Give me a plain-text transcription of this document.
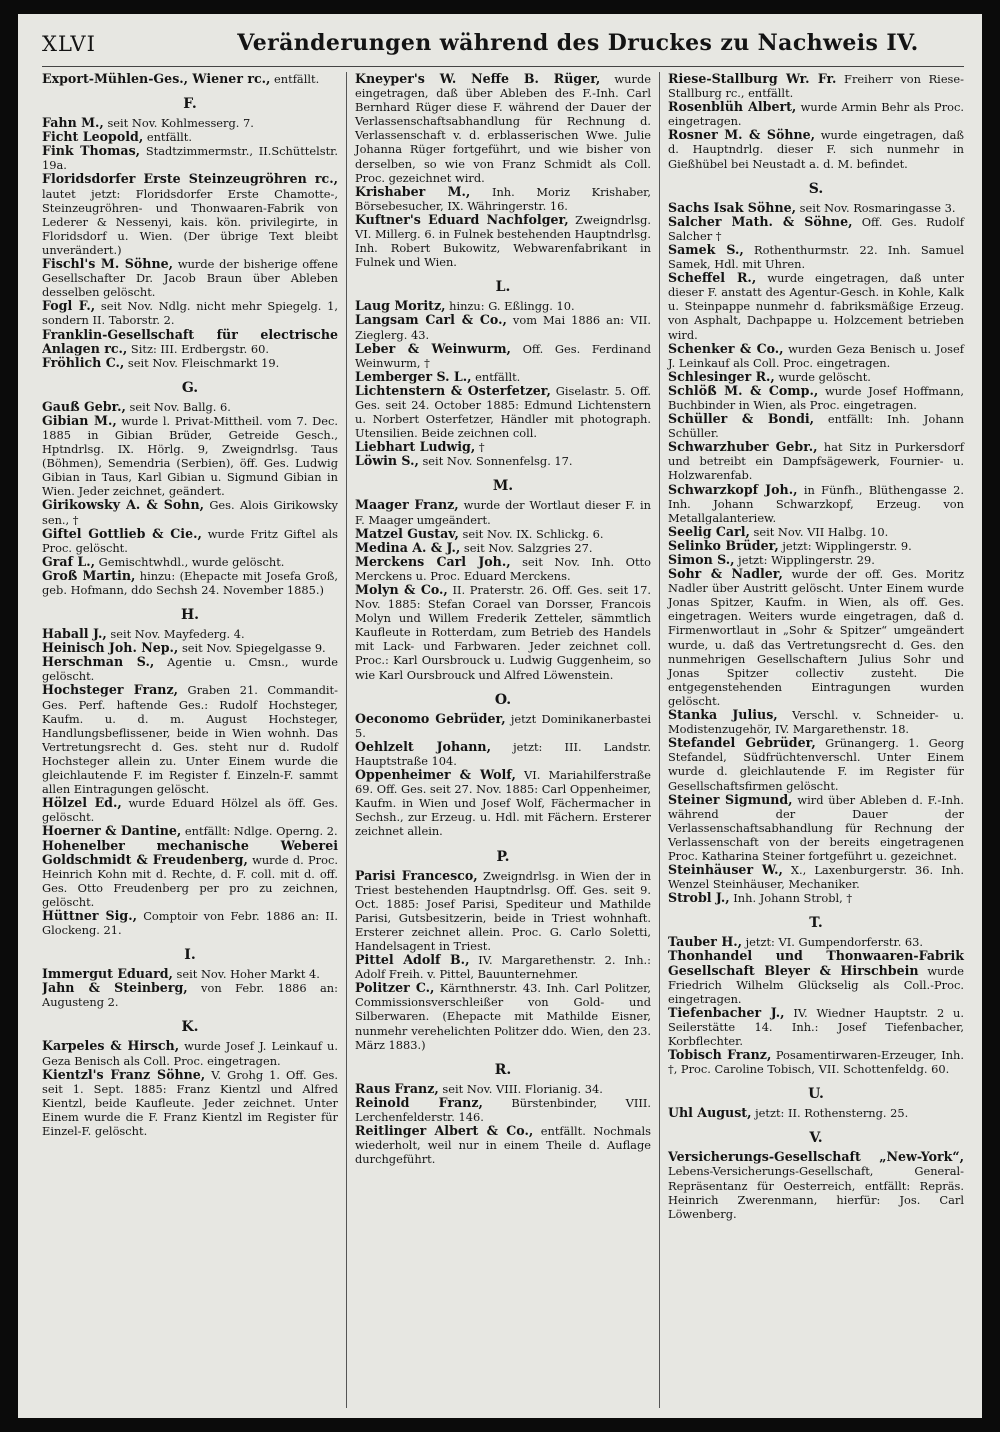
XLVI	Veränderungen während des Druckes zu Nachweis IV.

Export-Mühlen-Ges., Wiener rc., entfällt.

F.

Fahn M., seit Nov. Kohlmesserg. 7.

Ficht Leopold, entfällt.

Fink Thomas, Stadtzimmermstr., II.Schüttelstr. 19a.

Floridsdorfer Erste Steinzeugröhren rc., lautet jetzt: Floridsdorfer Erste Chamotte-, Steinzeugröhren- und Thonwaaren-Fabrik von Lederer & Nessenyi, kais. kön. privilegirte, in Floridsdorf u. Wien. (Der übrige Text bleibt unverändert.)

Fischl's M. Söhne, wurde der bisherige offene Gesellschafter Dr. Jacob Braun über Ableben desselben gelöscht.

Fogl F., seit Nov. Ndlg. nicht mehr Spiegelg. 1, sondern II. Taborstr. 2.

Franklin-Gesellschaft für electrische Anlagen rc., Sitz: III. Erdbergstr. 60.

Fröhlich C., seit Nov. Fleischmarkt 19.

G.

Gauß Gebr., seit Nov. Ballg. 6.

Gibian M., wurde l. Privat-Mittheil. vom 7. Dec. 1885 in Gibian Brüder, Getreide Gesch., Hptndrlsg. IX. Hörlg. 9, Zweigndrlsg. Taus (Böhmen), Semendria (Serbien), öff. Ges. Ludwig Gibian in Taus, Karl Gibian u. Sigmund Gibian in Wien. Jeder zeichnet, geändert.

Girikowsky A. & Sohn, Ges. Alois Girikowsky sen., †

Giftel Gottlieb & Cie., wurde Fritz Giftel als Proc. gelöscht.

Graf L., Gemischtwhdl., wurde gelöscht.

Groß Martin, hinzu: (Ehepacte mit Josefa Groß, geb. Hofmann, ddo Sechsh 24. November 1885.)

H.

Haball J., seit Nov. Mayfederg. 4.

Heinisch Joh. Nep., seit Nov. Spiegelgasse 9.

Herschman S., Agentie u. Cmsn., wurde gelöscht.

Hochsteger Franz, Graben 21. Commandit-Ges. Perf. haftende Ges.: Rudolf Hochsteger, Kaufm. u. d. m. August Hochsteger, Handlungsbeflissener, beide in Wien wohnh. Das Vertretungsrecht d. Ges. steht nur d. Rudolf Hochsteger allein zu. Unter Einem wurde die gleichlautende F. im Register f. Einzeln-F. sammt allen Eintragungen gelöscht.

Hölzel Ed., wurde Eduard Hölzel als öff. Ges. gelöscht.

Hoerner & Dantine, entfällt: Ndlge. Operng. 2.

Hohenelber mechanische Weberei Goldschmidt & Freudenberg, wurde d. Proc. Heinrich Kohn mit d. Rechte, d. F. coll. mit d. off. Ges. Otto Freudenberg per pro zu zeichnen, gelöscht.

Hüttner Sig., Comptoir von Febr. 1886 an: II. Glockeng. 21.

I.

Immergut Eduard, seit Nov. Hoher Markt 4.

Jahn & Steinberg, von Febr. 1886 an: Augusteng 2.

K.

Karpeles & Hirsch, wurde Josef J. Leinkauf u. Geza Benisch als Coll. Proc. eingetragen.

Kientzl's Franz Söhne, V. Grohg 1. Off. Ges. seit 1. Sept. 1885: Franz Kientzl und Alfred Kientzl, beide Kaufleute. Jeder zeichnet. Unter Einem wurde die F. Franz Kientzl im Register für Einzel-F. gelöscht.

Kneyper's W. Neffe B. Rüger, wurde eingetragen, daß über Ableben des F.-Inh. Carl Bernhard Rüger diese F. während der Dauer der Verlassenschaftsabhandlung für Rechnung d. Verlassenschaft v. d. erblasserischen Wwe. Julie Johanna Rüger fortgeführt, und wie bisher von derselben, so wie von Franz Schmidt als Coll. Proc. gezeichnet wird.

Krishaber M., Inh. Moriz Krishaber, Börsebesucher, IX. Währingerstr. 16.

Kuftner's Eduard Nachfolger, Zweigndrlsg. VI. Millerg. 6. in Fulnek bestehenden Hauptndrlsg. Inh. Robert Bukowitz, Webwarenfabrikant in Fulnek und Wien.

L.

Laug Moritz, hinzu: G. Eßlingg. 10.

Langsam Carl & Co., vom Mai 1886 an: VII. Zieglerg. 43.

Leber & Weinwurm, Off. Ges. Ferdinand Weinwurm, †

Lemberger S. L., entfällt.

Lichtenstern & Osterfetzer, Giselastr. 5. Off. Ges. seit 24. October 1885: Edmund Lichtenstern u. Norbert Osterfetzer, Händler mit photograph. Utensilien. Beide zeichnen coll.

Liebhart Ludwig, †

Löwin S., seit Nov. Sonnenfelsg. 17.

M.

Maager Franz, wurde der Wortlaut dieser F. in F. Maager umgeändert.

Matzel Gustav, seit Nov. IX. Schlickg. 6.

Medina A. & J., seit Nov. Salzgries 27.

Merckens Carl Joh., seit Nov. Inh. Otto Merckens u. Proc. Eduard Merckens.

Molyn & Co., II. Praterstr. 26. Off. Ges. seit 17. Nov. 1885: Stefan Corael van Dorsser, Francois Molyn und Willem Frederik Zetteler, sämmtlich Kaufleute in Rotterdam, zum Betrieb des Handels mit Lack- und Farbwaren. Jeder zeichnet coll. Proc.: Karl Oursbrouck u. Ludwig Guggenheim, so wie Karl Oursbrouck und Alfred Löwenstein.

O.

Oeconomo Gebrüder, jetzt Dominikanerbastei 5.

Oehlzelt Johann, jetzt: III. Landstr. Hauptstraße 104.

Oppenheimer & Wolf, VI. Mariahilferstraße 69. Off. Ges. seit 27. Nov. 1885: Carl Oppenheimer, Kaufm. in Wien und Josef Wolf, Fächermacher in Sechsh., zur Erzeug. u. Hdl. mit Fächern. Ersterer zeichnet allein.

P.

Parisi Francesco, Zweigndrlsg. in Wien der in Triest bestehenden Hauptndrlsg. Off. Ges. seit 9. Oct. 1885: Josef Parisi, Spediteur und Mathilde Parisi, Gutsbesitzerin, beide in Triest wohnhaft. Ersterer zeichnet allein. Proc. G. Carlo Soletti, Handelsagent in Triest.

Pittel Adolf B., IV. Margarethenstr. 2. Inh.: Adolf Freih. v. Pittel, Bauunternehmer.

Politzer C., Kärnthnerstr. 43. Inh. Carl Politzer, Commissionsverschleißer von Gold- und Silberwaren. (Ehepacte mit Mathilde Eisner, nunmehr verehelichten Politzer ddo. Wien, den 23. März 1883.)

R.

Raus Franz, seit Nov. VIII. Florianig. 34.

Reinold Franz, Bürstenbinder, VIII. Lerchenfelderstr. 146.

Reitlinger Albert & Co., entfällt. Nochmals wiederholt, weil nur in einem Theile d. Auflage durchgeführt.

Riese-Stallburg Wr. Fr. Freiherr von Riese-Stallburg rc., entfällt.

Rosenblüh Albert, wurde Armin Behr als Proc. eingetragen.

Rosner M. & Söhne, wurde eingetragen, daß d. Hauptndrlg. dieser F. sich nunmehr in Gießhübel bei Neustadt a. d. M. befindet.

S.

Sachs Isak Söhne, seit Nov. Rosmaringasse 3.

Salcher Math. & Söhne, Off. Ges. Rudolf Salcher †

Samek S., Rothenthurmstr. 22. Inh. Samuel Samek, Hdl. mit Uhren.

Scheffel R., wurde eingetragen, daß unter dieser F. anstatt des Agentur-Gesch. in Kohle, Kalk u. Steinpappe nunmehr d. fabriksmäßige Erzeug. von Asphalt, Dachpappe u. Holzcement betrieben wird.

Schenker & Co., wurden Geza Benisch u. Josef J. Leinkauf als Coll. Proc. eingetragen.

Schlesinger R., wurde gelöscht.

Schlöß M. & Comp., wurde Josef Hoffmann, Buchbinder in Wien, als Proc. eingetragen.

Schüller & Bondi, entfällt: Inh. Johann Schüller.

Schwarzhuber Gebr., hat Sitz in Purkersdorf und betreibt ein Dampfsägewerk, Fournier- u. Holzwarenfab.

Schwarzkopf Joh., in Fünfh., Blüthengasse 2. Inh. Johann Schwarzkopf, Erzeug. von Metallgalanteriew.

Seelig Carl, seit Nov. VII Halbg. 10.

Selinko Brüder, jetzt: Wipplingerstr. 9.

Simon S., jetzt: Wipplingerstr. 29.

Sohr & Nadler, wurde der off. Ges. Moritz Nadler über Austritt gelöscht. Unter Einem wurde Jonas Spitzer, Kaufm. in Wien, als off. Ges. eingetragen. Weiters wurde eingetragen, daß d. Firmenwortlaut in „Sohr & Spitzer“ umgeändert wurde, u. daß das Vertretungsrecht d. Ges. den nunmehrigen Gesellschaftern Julius Sohr und Jonas Spitzer collectiv zusteht. Die entgegenstehenden Eintragungen wurden gelöscht.

Stanka Julius, Verschl. v. Schneider- u. Modistenzugehör, IV. Margarethenstr. 18.

Stefandel Gebrüder, Grünangerg. 1. Georg Stefandel, Südfrüchtenverschl. Unter Einem wurde d. gleichlautende F. im Register für Gesellschaftsfirmen gelöscht.

Steiner Sigmund, wird über Ableben d. F.-Inh. während der Dauer der Verlassenschaftsabhandlung für Rechnung der Verlassenschaft von der bereits eingetragenen Proc. Katharina Steiner fortgeführt u. gezeichnet.

Steinhäuser W., X., Laxenburgerstr. 36. Inh. Wenzel Steinhäuser, Mechaniker.

Strobl J., Inh. Johann Strobl, †

T.

Tauber H., jetzt: VI. Gumpendorferstr. 63.

Thonhandel und Thonwaaren-Fabrik Gesellschaft Bleyer & Hirschbein wurde Friedrich Wilhelm Glückselig als Coll.-Proc. eingetragen.

Tiefenbacher J., IV. Wiedner Hauptstr. 2 u. Seilerstätte 14. Inh.: Josef Tiefenbacher, Korbflechter.

Tobisch Franz, Posamentirwaren-Erzeuger, Inh. †, Proc. Caroline Tobisch, VII. Schottenfeldg. 60.

U.

Uhl August, jetzt: II. Rothensterng. 25.

V.

Versicherungs-Gesellschaft „New-York“, Lebens-Versicherungs-Gesellschaft, General-Repräsentanz für Oesterreich, entfällt: Repräs. Heinrich Zwerenmann, hierfür: Jos. Carl Löwenberg.
